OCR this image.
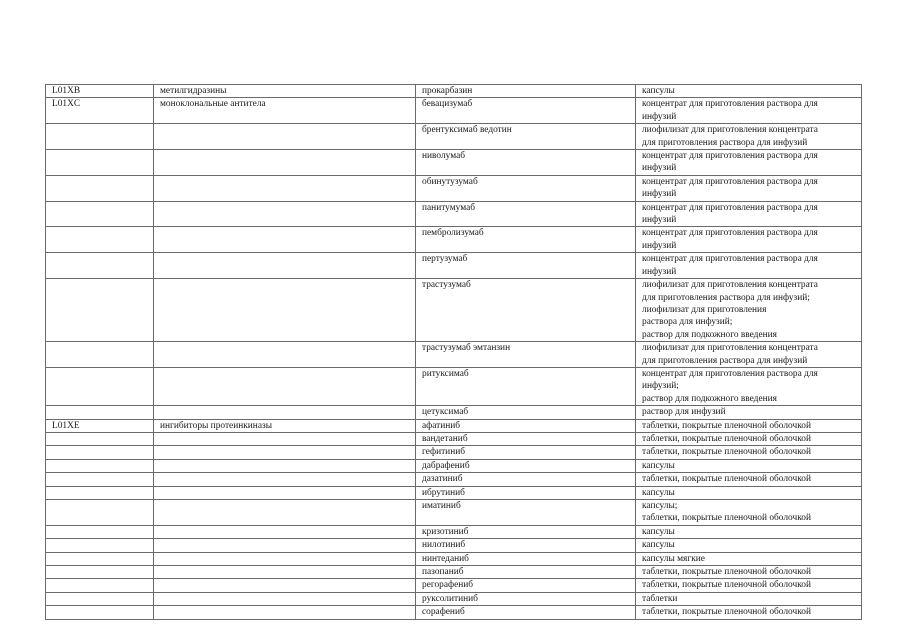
L01XB	метилгидразины	прокарбазин	капсулы

L01XC	моноклональные антитела	бевацизумаб	концентрат для приготовления раствора для
инфузий

		брентуксимаб ведотин	лиофилизат для приготовления концентрата
для приготовления раствора для инфузий

		ниволумаб	концентрат для приготовления раствора для
инфузий

		обинутузумаб	концентрат для приготовления раствора для
инфузий

		панитумумаб	концентрат для приготовления раствора для
инфузий

		пембролизумаб	концентрат для приготовления раствора для
инфузий

		пертузумаб	концентрат для приготовления раствора для
инфузий

		трастузумаб	лиофилизат для приготовления концентрата
для приготовления раствора для инфузий;
лиофилизат для приготовления
раствора для инфузий;
раствор для подкожного введения

		трастузумаб эмтанзин	лиофилизат для приготовления концентрата
для приготовления раствора для инфузий

		ритуксимаб	концентрат для приготовления раствора для
инфузий;
раствор для подкожного введения

		цетуксимаб	раствор для инфузий

L01XE	ингибиторы протеинкиназы	афатиниб	таблетки, покрытые пленочной оболочкой

		вандетаниб	таблетки, покрытые пленочной оболочкой

		гефитиниб	таблетки, покрытые пленочной оболочкой

		дабрафениб	капсулы

		дазатиниб	таблетки, покрытые пленочной оболочкой

		ибрутиниб	капсулы

		иматиниб	капсулы;
таблетки, покрытые пленочной оболочкой

		кризотиниб	капсулы

		нилотиниб	капсулы

		нинтеданиб	капсулы мягкие

		пазопаниб	таблетки, покрытые пленочной оболочкой

		регорафениб	таблетки, покрытые пленочной оболочкой

		руксолитиниб	таблетки

		сорафениб	таблетки, покрытые пленочной оболочкой
